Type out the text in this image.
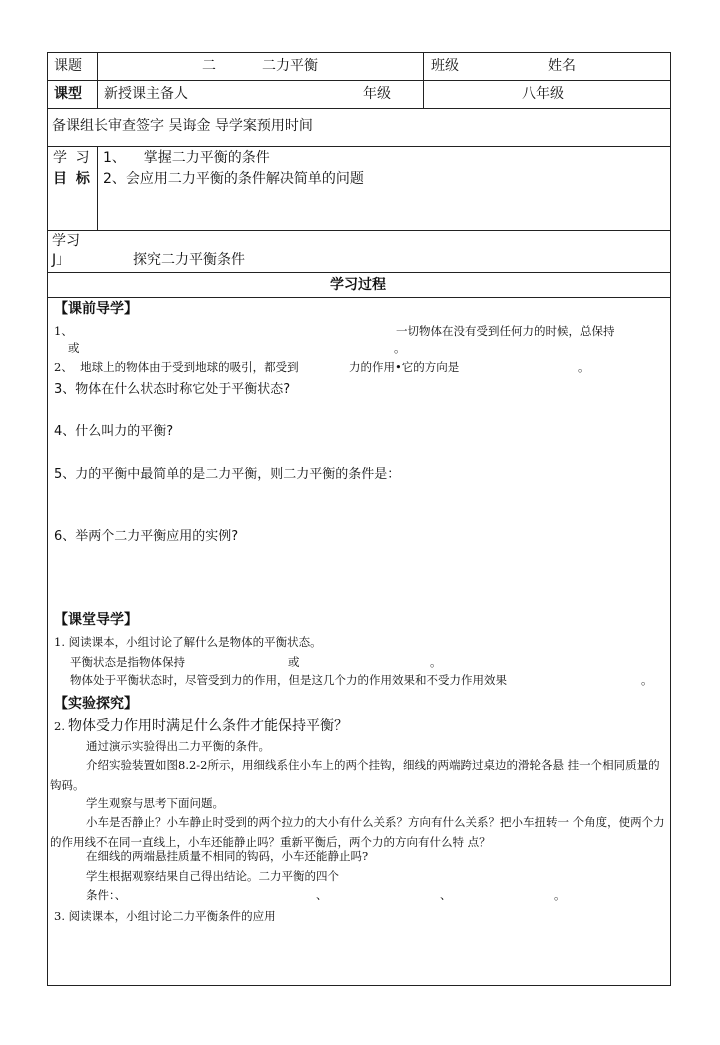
课题	二	二力平衡	班级	姓名
课型 新授课主备人	年级	八年级
备课组长审查签字 吴诲金 导学案预用时间
学 习
目 标
1、    掌握二力平衡的条件
2、会应用二力平衡的条件解决简单的问题
学习
J」	探究二力平衡条件
学习过程
【课前导学】
1、	一切物体在没有受到任何力的时候，总保持
或	。
2、  地球上的物体由于受到地球的吸引，都受到	力的作用•它的方向是	。
3、物体在什么状态时称它处于平衡状态?
4、什么叫力的平衡?
5、力的平衡中最简单的是二力平衡，则二力平衡的条件是：
6、举两个二力平衡应用的实例?
【课堂导学】
1. 阅读课本，小组讨论了解什么是物体的平衡状态。
平衡状态是指物体保持	或	。
物体处于平衡状态时，尽管受到力的作用，但是这几个力的作用效果和不受力作用效果	。
【实验探究】
2. 物体受力作用时满足什么条件才能保持平衡？
通过演示实验得出二力平衡的条件。
介绍实验装置如图8.2-2所示，用细线系住小车上的两个挂钩，细线的两端跨过桌边的滑轮各悬 挂一个相同质量的钩码。
学生观察与思考下面问题。
小车是否静止？小车静止时受到的两个拉力的大小有什么关系？方向有什么关系？把小车扭转一 个角度，使两个力的作用线不在同一直线上，小车还能静止吗？重新平衡后，两个力的方向有什么特 点？
在细线的两端悬挂质量不相同的钩码，小车还能静止吗?
学生根据观察结果自己得出结论。二力平衡的四个
条件：、	、	、	。
3. 阅读课本，小组讨论二力平衡条件的应用
